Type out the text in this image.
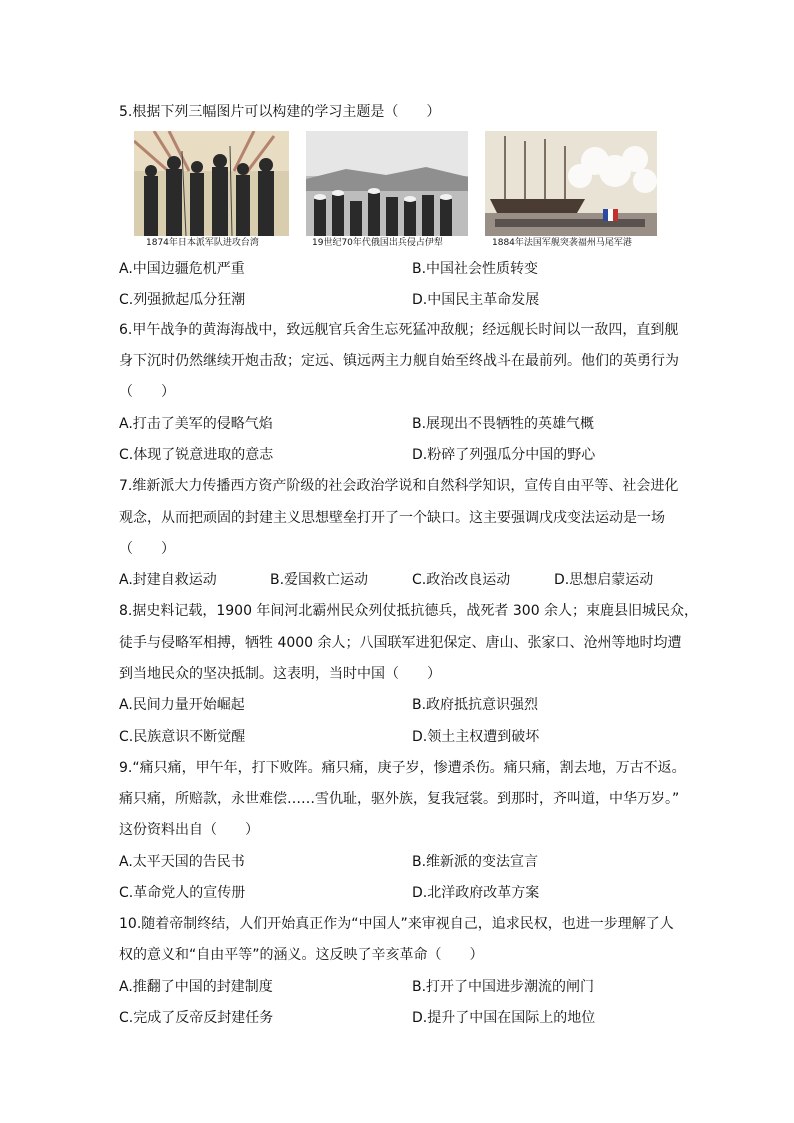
5.根据下列三幅图片可以构建的学习主题是（　　）
1874年日本派军队进攻台湾	19世纪70年代俄国出兵侵占伊犁	1884年法国军舰突袭福州马尾军港
A.中国边疆危机严重	B.中国社会性质转变
C.列强掀起瓜分狂潮	D.中国民主革命发展
6.甲午战争的黄海海战中，致远舰官兵舍生忘死猛冲敌舰；经远舰长时间以一敌四，直到舰
身下沉时仍然继续开炮击敌；定远、镇远两主力舰自始至终战斗在最前列。他们的英勇行为
（　　）
A.打击了美军的侵略气焰	B.展现出不畏牺牲的英雄气概
C.体现了锐意进取的意志	D.粉碎了列强瓜分中国的野心
7.维新派大力传播西方资产阶级的社会政治学说和自然科学知识，宣传自由平等、社会进化
观念，从而把顽固的封建主义思想壁垒打开了一个缺口。这主要强调戊戌变法运动是一场
（　　）
A.封建自救运动	B.爱国救亡运动	C.政治改良运动	D.思想启蒙运动
8.据史料记载，1900 年间河北霸州民众列仗抵抗德兵，战死者 300 余人；束鹿县旧城民众，
徒手与侵略军相搏，牺牲 4000 余人；八国联军进犯保定、唐山、张家口、沧州等地时均遭
到当地民众的坚决抵制。这表明，当时中国（　　）
A.民间力量开始崛起	B.政府抵抗意识强烈
C.民族意识不断觉醒	D.领土主权遭到破坏
9.“痛只痛，甲午年，打下败阵。痛只痛，庚子岁，惨遭杀伤。痛只痛，割去地，万古不返。
痛只痛，所赔款，永世难偿……雪仇耻，驱外族，复我冠裳。到那时，齐叫道，中华万岁。”
这份资料出自（　　）
A.太平天国的告民书	B.维新派的变法宣言
C.革命党人的宣传册	D.北洋政府改革方案
10.随着帝制终结，人们开始真正作为“中国人”来审视自己，追求民权，也进一步理解了人
权的意义和“自由平等”的涵义。这反映了辛亥革命（　　）
A.推翻了中国的封建制度	B.打开了中国进步潮流的闸门
C.完成了反帝反封建任务	D.提升了中国在国际上的地位
